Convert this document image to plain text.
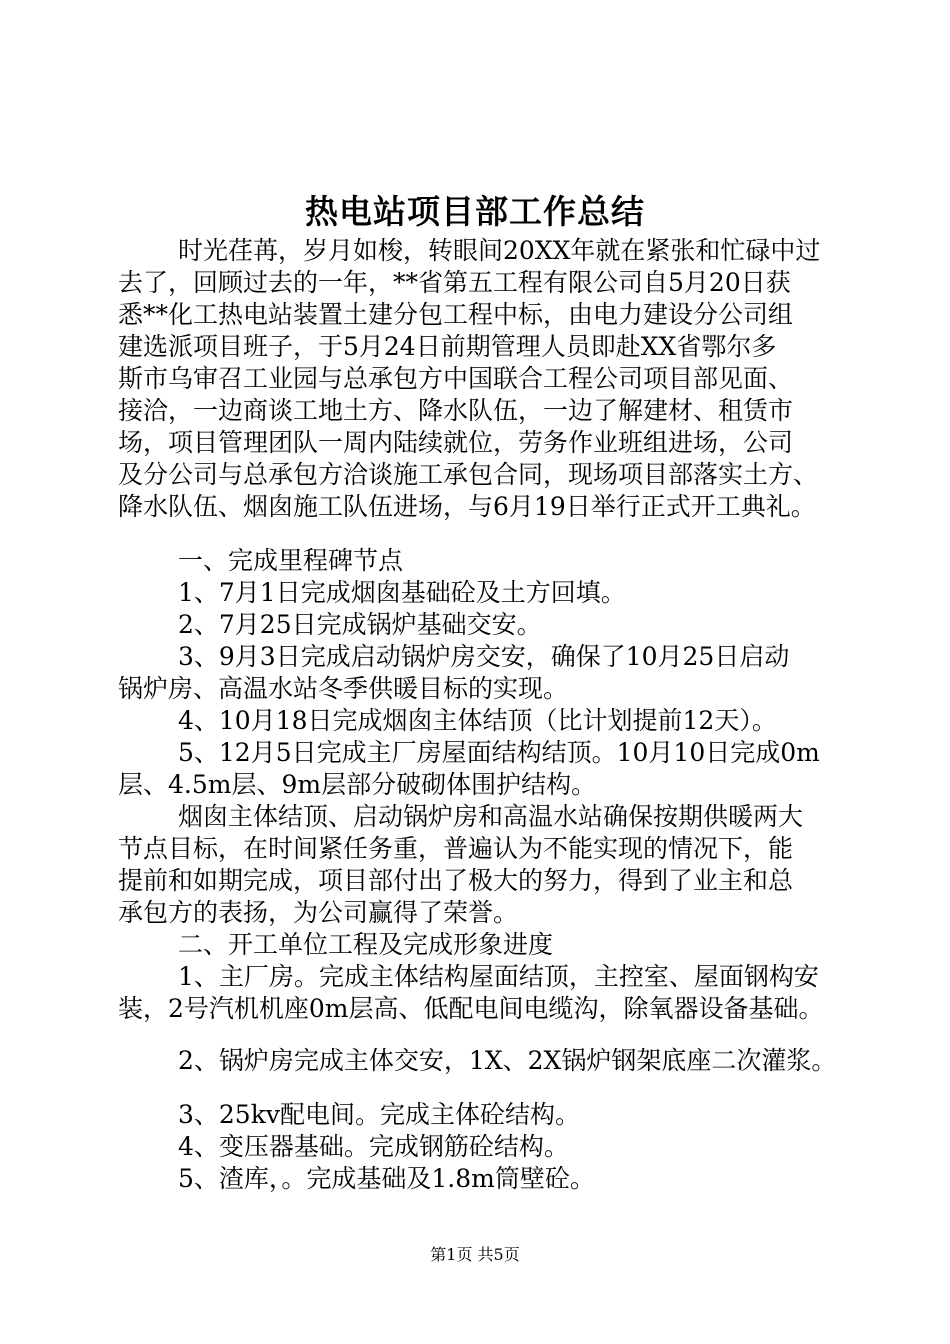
热电站项目部工作总结
时光荏苒，岁月如梭，转眼间20XX年就在紧张和忙碌中过
去了，回顾过去的一年，**省第五工程有限公司自5月20日获
悉**化工热电站装置土建分包工程中标，由电力建设分公司组
建选派项目班子，于5月24日前期管理人员即赴XX省鄂尔多
斯市乌审召工业园与总承包方中国联合工程公司项目部见面、
接洽，一边商谈工地土方、降水队伍，一边了解建材、租赁市
场，项目管理团队一周内陆续就位，劳务作业班组进场，公司
及分公司与总承包方洽谈施工承包合同，现场项目部落实土方、
降水队伍、烟囱施工队伍进场，与6月19日举行正式开工典礼。
一、完成里程碑节点
1、7月1日完成烟囱基础砼及土方回填。
2、7月25日完成锅炉基础交安。
3、9月3日完成启动锅炉房交安，确保了10月25日启动
锅炉房、高温水站冬季供暖目标的实现。
4、10月18日完成烟囱主体结顶（比计划提前12天）。
5、12月5日完成主厂房屋面结构结顶。10月10日完成0m
层、4.5m层、9m层部分破砌体围护结构。
烟囱主体结顶、启动锅炉房和高温水站确保按期供暖两大
节点目标，在时间紧任务重，普遍认为不能实现的情况下，能
提前和如期完成，项目部付出了极大的努力，得到了业主和总
承包方的表扬，为公司赢得了荣誉。
二、开工单位工程及完成形象进度
1、主厂房。完成主体结构屋面结顶，主控室、屋面钢构安
装，2号汽机机座0m层高、低配电间电缆沟，除氧器设备基础。
2、锅炉房完成主体交安，1X、2X锅炉钢架底座二次灌浆。
3、25kv配电间。完成主体砼结构。
4、变压器基础。完成钢筋砼结构。
5、渣库，。完成基础及1.8m筒壁砼。
第1页 共5页
